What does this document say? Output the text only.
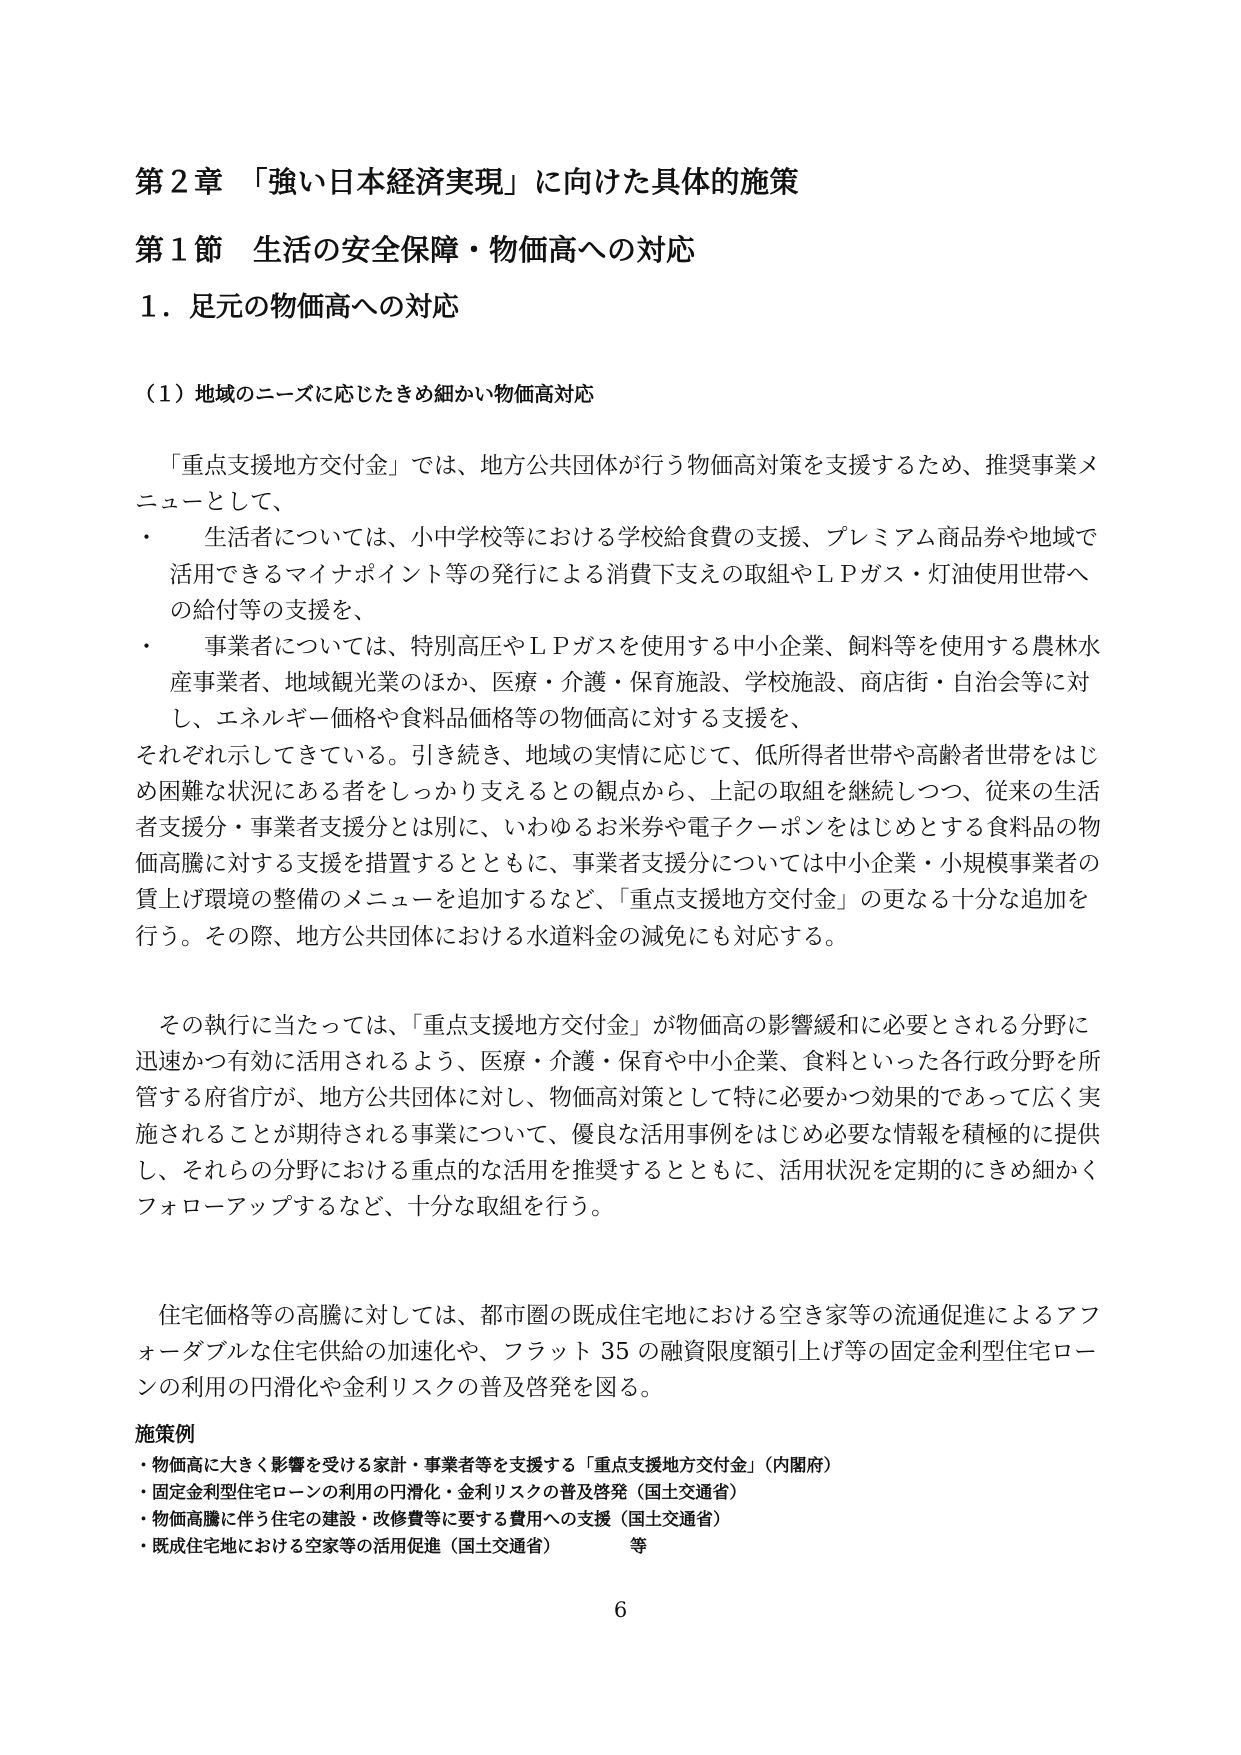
第２章　「強い日本経済実現」に向けた具体的施策
第１節　生活の安全保障・物価高への対応
１．足元の物価高への対応
（１）地域のニーズに応じたきめ細かい物価高対応

「重点支援地方交付金」では、地方公共団体が行う物価高対策を支援するため、推奨事業メニューとして、

・	生活者については、小中学校等における学校給食費の支援、プレミアム商品券や地域で活用できるマイナポイント等の発行による消費下支えの取組やＬＰガス・灯油使用世帯への給付等の支援を、
・	事業者については、特別高圧やＬＰガスを使用する中小企業、飼料等を使用する農林水産事業者、地域観光業のほか、医療・介護・保育施設、学校施設、商店街・自治会等に対し、エネルギー価格や食料品価格等の物価高に対する支援を、

それぞれ示してきている。引き続き、地域の実情に応じて、低所得者世帯や高齢者世帯をはじめ困難な状況にある者をしっかり支えるとの観点から、上記の取組を継続しつつ、従来の生活者支援分・事業者支援分とは別に、いわゆるお米券や電子クーポンをはじめとする食料品の物価高騰に対する支援を措置するとともに、事業者支援分については中小企業・小規模事業者の賃上げ環境の整備のメニューを追加するなど、「重点支援地方交付金」の更なる十分な追加を行う。その際、地方公共団体における水道料金の減免にも対応する。

その執行に当たっては、「重点支援地方交付金」が物価高の影響緩和に必要とされる分野に迅速かつ有効に活用されるよう、医療・介護・保育や中小企業、食料といった各行政分野を所管する府省庁が、地方公共団体に対し、物価高対策として特に必要かつ効果的であって広く実施されることが期待される事業について、優良な活用事例をはじめ必要な情報を積極的に提供し、それらの分野における重点的な活用を推奨するとともに、活用状況を定期的にきめ細かくフォローアップするなど、十分な取組を行う。

住宅価格等の高騰に対しては、都市圏の既成住宅地における空き家等の流通促進によるアフォーダブルな住宅供給の加速化や、フラット 35 の融資限度額引上げ等の固定金利型住宅ローンの利用の円滑化や金利リスクの普及啓発を図る。

施策例
・物価高に大きく影響を受ける家計・事業者等を支援する「重点支援地方交付金」（内閣府）
・固定金利型住宅ローンの利用の円滑化・金利リスクの普及啓発（国土交通省）
・物価高騰に伴う住宅の建設・改修費等に要する費用への支援（国土交通省）
・既成住宅地における空家等の活用促進（国土交通省）	等
6
